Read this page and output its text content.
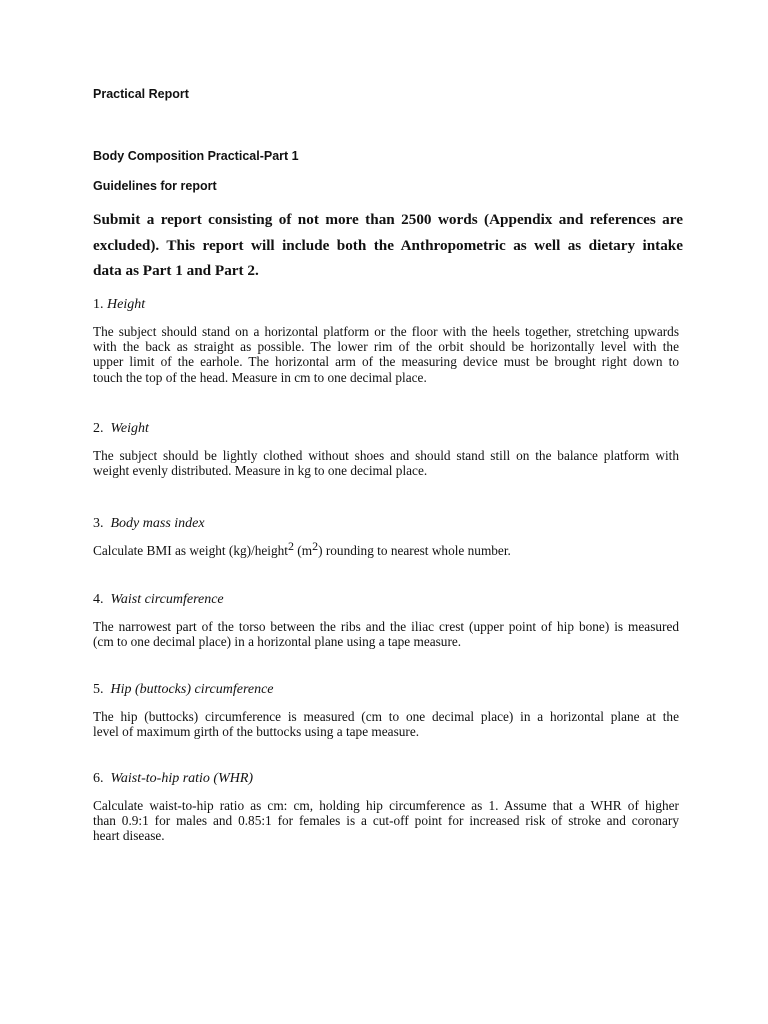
Practical Report

Body Composition Practical-Part 1

Guidelines for report

Submit a report consisting of not more than 2500 words (Appendix and references are
excluded). This report will include both the Anthropometric as well as dietary intake
data as Part 1 and Part 2.

1. Height

The subject should stand on a horizontal platform or the floor with the heels together, stretching upwards
with the back as straight as possible. The lower rim of the orbit should be horizontally level with the
upper limit of the earhole. The horizontal arm of the measuring device must be brought right down to
touch the top of the head. Measure in cm to one decimal place.

2. Weight

The subject should be lightly clothed without shoes and should stand still on the balance platform with
weight evenly distributed. Measure in kg to one decimal place.

3. Body mass index

Calculate BMI as weight (kg)/height$^2$ $(m^2)$ rounding to nearest whole number.

4. Waist circumference

The narrowest part of the torso between the ribs and the iliac crest (upper point of hip bone) is measured
(cm to one decimal place) in a horizontal plane using a tape measure.

5. Hip (buttocks) circumference

The hip (buttocks) circumference is measured (cm to one decimal place) in a horizontal plane at the
level of maximum girth of the buttocks using a tape measure.

6. Waist-to-hip ratio (WHR)

Calculate waist-to-hip ratio as cm: cm, holding hip circumference as 1. Assume that a WHR of higher
than 0.9:1 for males and 0.85:1 for females is a cut-off point for increased risk of stroke and coronary
heart disease.
